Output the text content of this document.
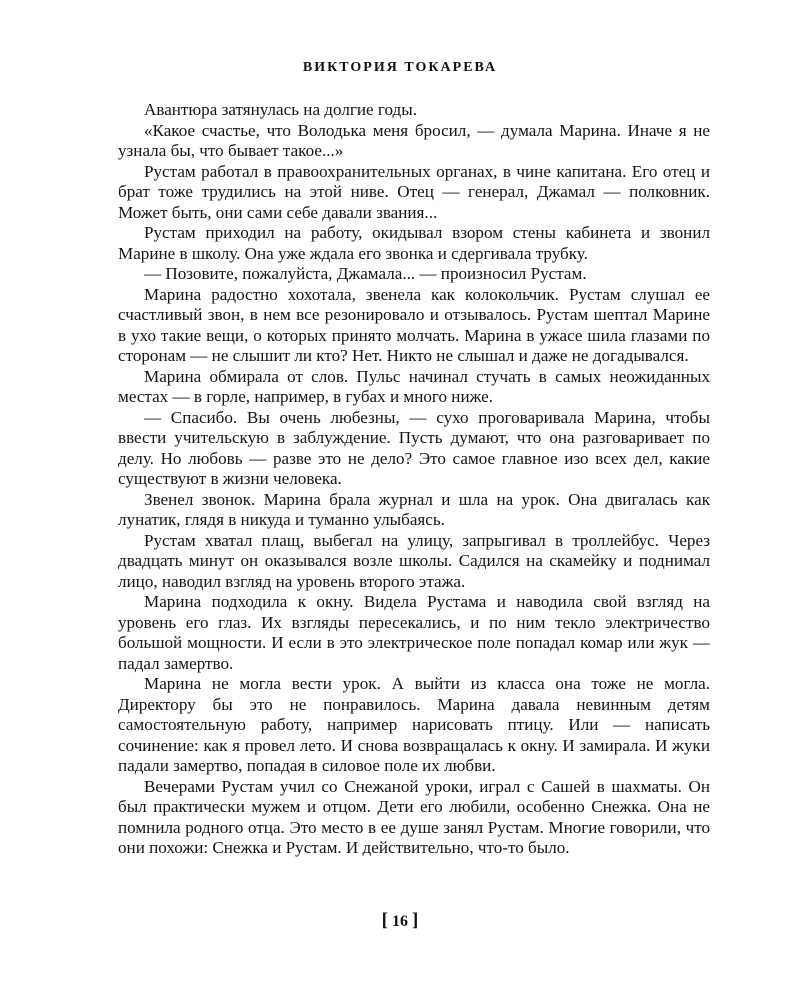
ВИКТОРИЯ ТОКАРЕВА

Авантюра затянулась на долгие годы.

«Какое счастье, что Володька меня бросил, — думала Марина. Иначе я не узнала бы, что бывает такое...»

Рустам работал в правоохранительных органах, в чине капитана. Его отец и брат тоже трудились на этой ниве. Отец — генерал, Джамал — полковник. Может быть, они сами себе давали звания...

Рустам приходил на работу, окидывал взором стены кабинета и звонил Марине в школу. Она уже ждала его звонка и сдергивала трубку.

— Позовите, пожалуйста, Джамала... — произносил Рустам.

Марина радостно хохотала, звенела как колокольчик. Рустам слушал ее счастливый звон, в нем все резонировало и отзывалось. Рустам шептал Марине в ухо такие вещи, о которых принято молчать. Марина в ужасе шила глазами по сторонам — не слышит ли кто? Нет. Никто не слышал и даже не догадывался.

Марина обмирала от слов. Пульс начинал стучать в самых неожиданных местах — в горле, например, в губах и много ниже.

— Спасибо. Вы очень любезны, — сухо проговаривала Марина, чтобы ввести учительскую в заблуждение. Пусть думают, что она разговаривает по делу. Но любовь — разве это не дело? Это самое главное изо всех дел, какие существуют в жизни человека.

Звенел звонок. Марина брала журнал и шла на урок. Она двигалась как лунатик, глядя в никуда и туманно улыбаясь.

Рустам хватал плащ, выбегал на улицу, запрыгивал в троллейбус. Через двадцать минут он оказывался возле школы. Садился на скамейку и поднимал лицо, наводил взгляд на уровень второго этажа.

Марина подходила к окну. Видела Рустама и наводила свой взгляд на уровень его глаз. Их взгляды пересекались, и по ним текло электричество большой мощности. И если в это электрическое поле попадал комар или жук — падал замертво.

Марина не могла вести урок. А выйти из класса она тоже не могла. Директору бы это не понравилось. Марина давала невинным детям самостоятельную работу, например нарисовать птицу. Или — написать сочинение: как я провел лето. И снова возвращалась к окну. И замирала. И жуки падали замертво, попадая в силовое поле их любви.

Вечерами Рустам учил со Снежаной уроки, играл с Сашей в шахматы. Он был практически мужем и отцом. Дети его любили, особенно Снежка. Она не помнила родного отца. Это место в ее душе занял Рустам. Многие говорили, что они похожи: Снежка и Рустам. И действительно, что-то было.

[ 16 ]
